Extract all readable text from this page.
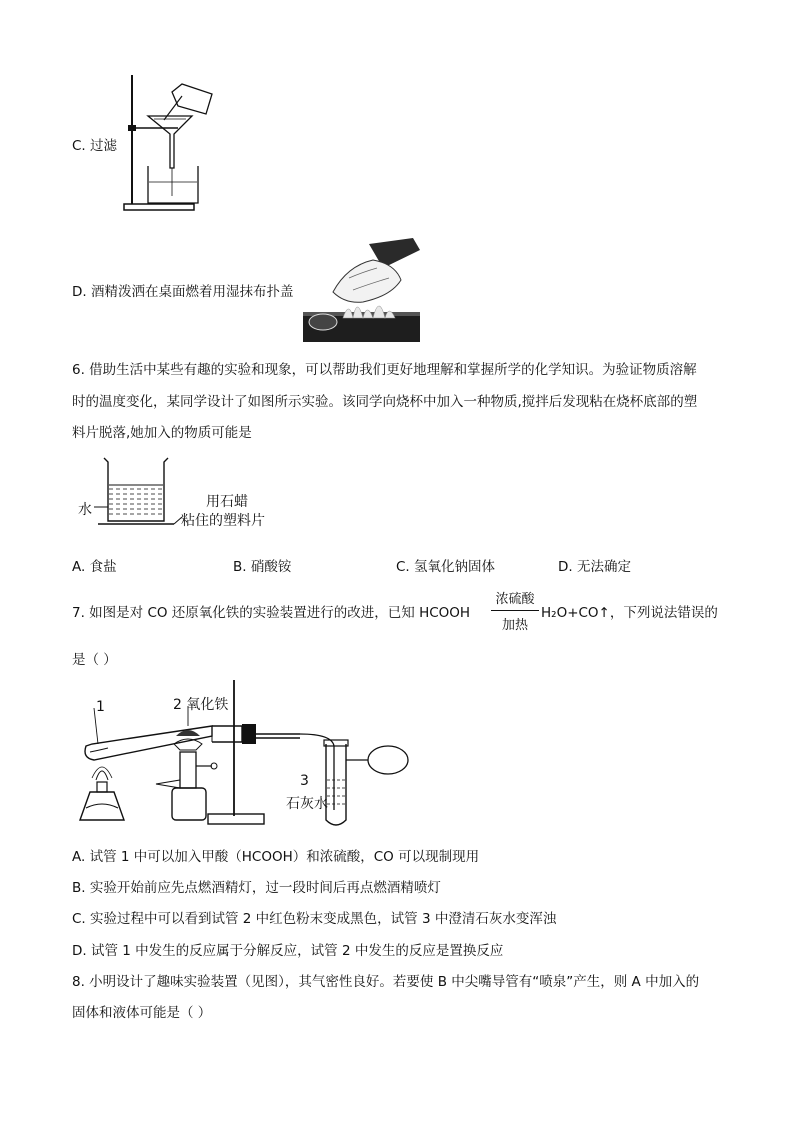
C. 过滤
D. 酒精泼洒在桌面燃着用湿抹布扑盖
6. 借助生活中某些有趣的实验和现象，可以帮助我们更好地理解和掌握所学的化学知识。为验证物质溶解
时的温度变化，某同学设计了如图所示实验。该同学向烧杯中加入一种物质,搅拌后发现粘在烧杯底部的塑
料片脱落,她加入的物质可能是
水	用石蜡
粘住的塑料片
A. 食盐	B. 硝酸铵	C. 氢氧化钠固体	D. 无法确定
7. 如图是对 CO 还原氧化铁的实验装置进行的改进，已知 HCOOH
浓硫酸
加热
H₂O+CO↑，下列说法错误的
是（ ）
1	2 氧化铁
3
石灰水
A. 试管 1 中可以加入甲酸（HCOOH）和浓硫酸，CO 可以现制现用
B. 实验开始前应先点燃酒精灯，过一段时间后再点燃酒精喷灯
C. 实验过程中可以看到试管 2 中红色粉末变成黑色，试管 3 中澄清石灰水变浑浊
D. 试管 1 中发生的反应属于分解反应，试管 2 中发生的反应是置换反应
8. 小明设计了趣味实验装置（见图），其气密性良好。若要使 B 中尖嘴导管有“喷泉”产生，则 A 中加入的
固体和液体可能是（ ）
